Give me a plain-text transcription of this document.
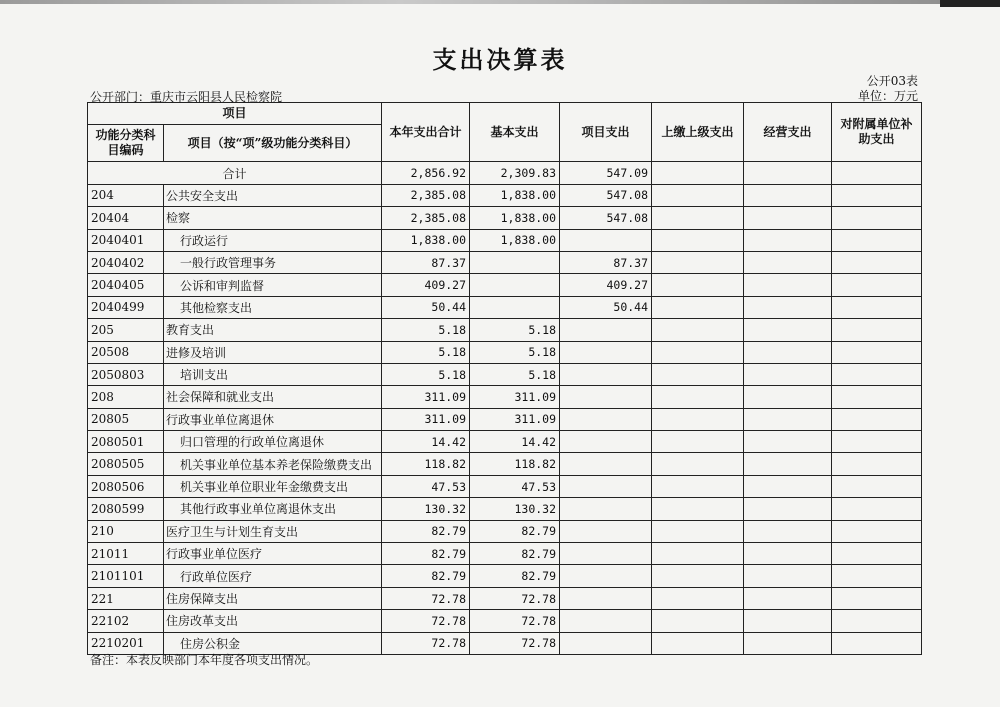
支出决算表
公开03表
单位：万元
公开部门：重庆市云阳县人民检察院
项目		本年支出合计	基本支出	项目支出	上缴上级支出	经营支出	对附属单位补助支出
功能分类科目编码	项目（按“项”级功能分类科目）						
合计		2,856.92	2,309.83	547.09			
204	公共安全支出	2,385.08	1,838.00	547.08			
20404	检察	2,385.08	1,838.00	547.08			
2040401	行政运行	1,838.00	1,838.00				
2040402	一般行政管理事务	87.37		87.37			
2040405	公诉和审判监督	409.27		409.27			
2040499	其他检察支出	50.44		50.44			
205	教育支出	5.18	5.18				
20508	进修及培训	5.18	5.18				
2050803	培训支出	5.18	5.18				
208	社会保障和就业支出	311.09	311.09				
20805	行政事业单位离退休	311.09	311.09				
2080501	归口管理的行政单位离退休	14.42	14.42				
2080505	机关事业单位基本养老保险缴费支出	118.82	118.82				
2080506	机关事业单位职业年金缴费支出	47.53	47.53				
2080599	其他行政事业单位离退休支出	130.32	130.32				
210	医疗卫生与计划生育支出	82.79	82.79				
21011	行政事业单位医疗	82.79	82.79				
2101101	行政单位医疗	82.79	82.79				
221	住房保障支出	72.78	72.78				
22102	住房改革支出	72.78	72.78				
2210201	住房公积金	72.78	72.78				
备注：本表反映部门本年度各项支出情况。
